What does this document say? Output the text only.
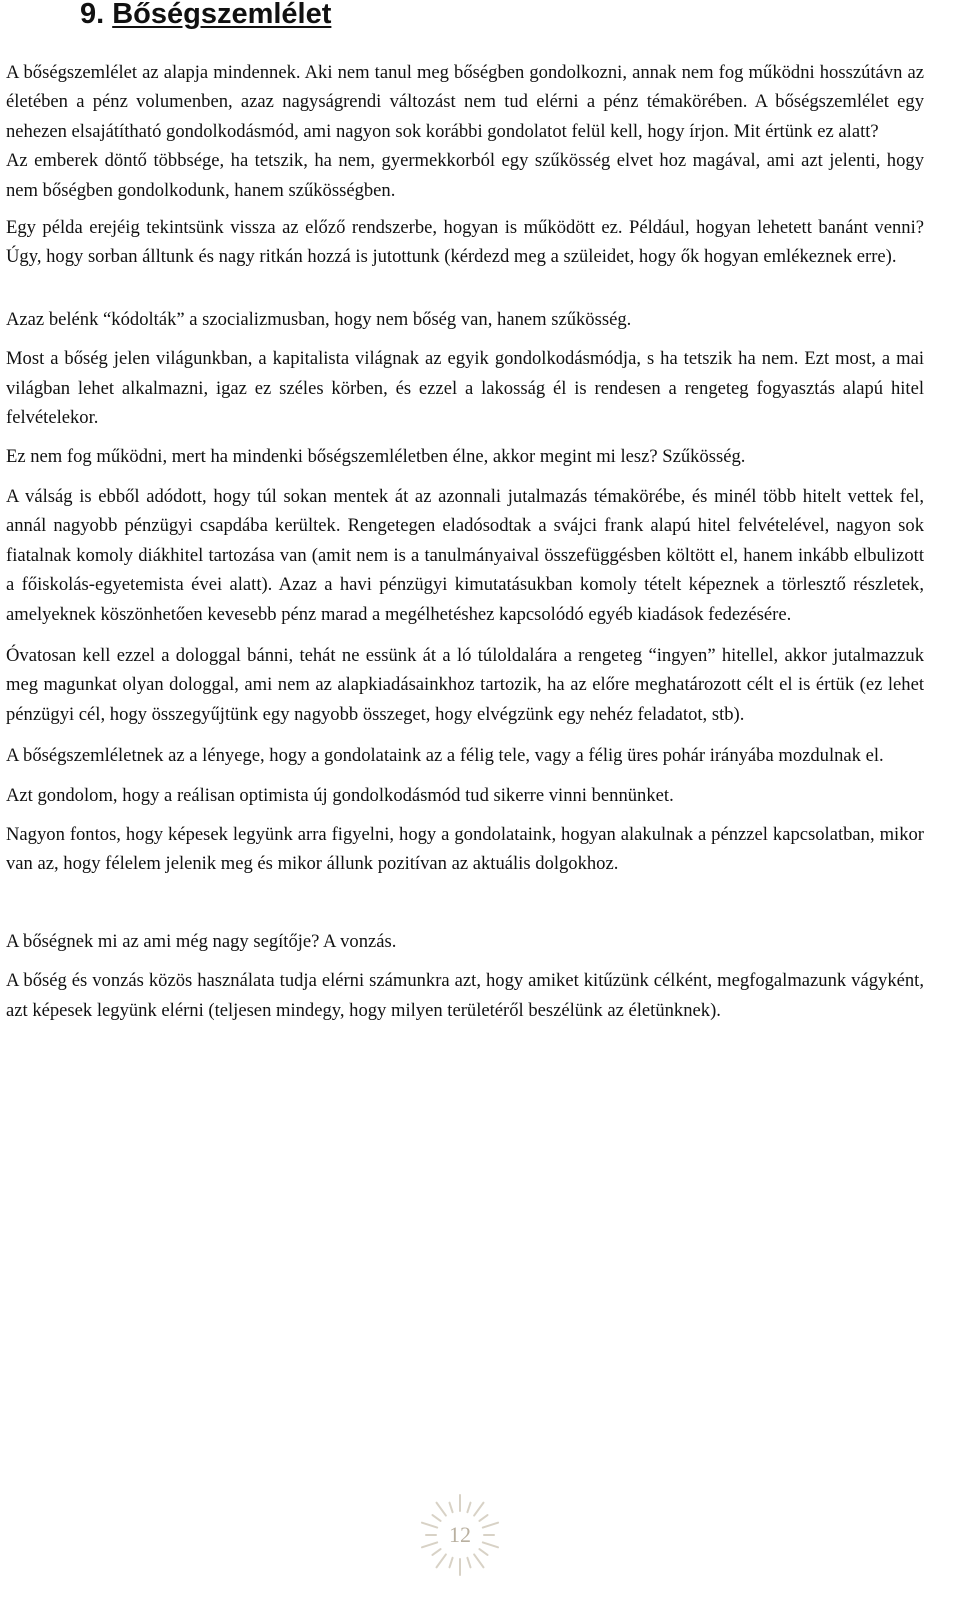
9. Bőségszemlélet

A bőségszemlélet az alapja mindennek. Aki nem tanul meg bőségben gondolkozni, annak nem fog működni hosszútávn az életében a pénz volumenben, azaz nagyságrendi változást nem tud elérni a pénz témakörében. A bőségszemlélet egy nehezen elsajátítható gondolkodásmód, ami nagyon sok korábbi gondolatot felül kell, hogy írjon. Mit értünk ez alatt?

Az emberek döntő többsége, ha tetszik, ha nem, gyermekkorból egy szűkösség elvet hoz magával, ami azt jelenti, hogy nem bőségben gondolkodunk, hanem szűkösségben.

Egy példa erejéig tekintsünk vissza az előző rendszerbe, hogyan is működött ez. Például, hogyan lehetett banánt venni? Úgy, hogy sorban álltunk és nagy ritkán hozzá is jutottunk (kérdezd meg a szüleidet, hogy ők hogyan emlékeznek erre).

Azaz belénk “kódolták” a szocializmusban, hogy nem bőség van, hanem szűkösség.

Most a bőség jelen világunkban, a kapitalista világnak az egyik gondolkodásmódja, s ha tetszik ha nem. Ezt most, a mai világban lehet alkalmazni, igaz ez széles körben, és ezzel a lakosság él is rendesen a rengeteg fogyasztás alapú hitel felvételekor.

Ez nem fog működni, mert ha mindenki bőségszemléletben élne, akkor megint mi lesz? Szűkösség.

A válság is ebből adódott, hogy túl sokan mentek át az azonnali jutalmazás témakörébe, és minél több hitelt vettek fel, annál nagyobb pénzügyi csapdába kerültek. Rengetegen eladósodtak a svájci frank alapú hitel felvételével, nagyon sok fiatalnak komoly diákhitel tartozása van (amit nem is a tanulmányaival összefüggésben költött el, hanem inkább elbulizott a főiskolás-egyetemista évei alatt). Azaz a havi pénzügyi kimutatásukban komoly tételt képeznek a törlesztő részletek, amelyeknek köszönhetően kevesebb pénz marad a megélhetéshez kapcsolódó egyéb kiadások fedezésére.

Óvatosan kell ezzel a dologgal bánni, tehát ne essünk át a ló túloldalára a rengeteg “ingyen” hitellel, akkor jutalmazzuk meg magunkat olyan dologgal, ami nem az alapkiadásainkhoz tartozik, ha az előre meghatározott célt el is értük (ez lehet pénzügyi cél, hogy összegyűjtünk egy nagyobb összeget, hogy elvégzünk egy nehéz feladatot, stb).

A bőségszemléletnek az a lényege, hogy a gondolataink az a félig tele, vagy a félig üres pohár irányába mozdulnak el.

Azt gondolom, hogy a reálisan optimista új gondolkodásmód tud sikerre vinni bennünket.

Nagyon fontos, hogy képesek legyünk arra figyelni, hogy a gondolataink, hogyan alakulnak a pénzzel kapcsolatban, mikor van az, hogy félelem jelenik meg és mikor állunk pozitívan az aktuális dolgokhoz.

A bőségnek mi az ami még nagy segítője? A vonzás.

A bőség és vonzás közös használata tudja elérni számunkra azt, hogy amiket kitűzünk célként, megfogalmazunk vágyként, azt képesek legyünk elérni (teljesen mindegy, hogy milyen területéről beszélünk az életünknek).

12
